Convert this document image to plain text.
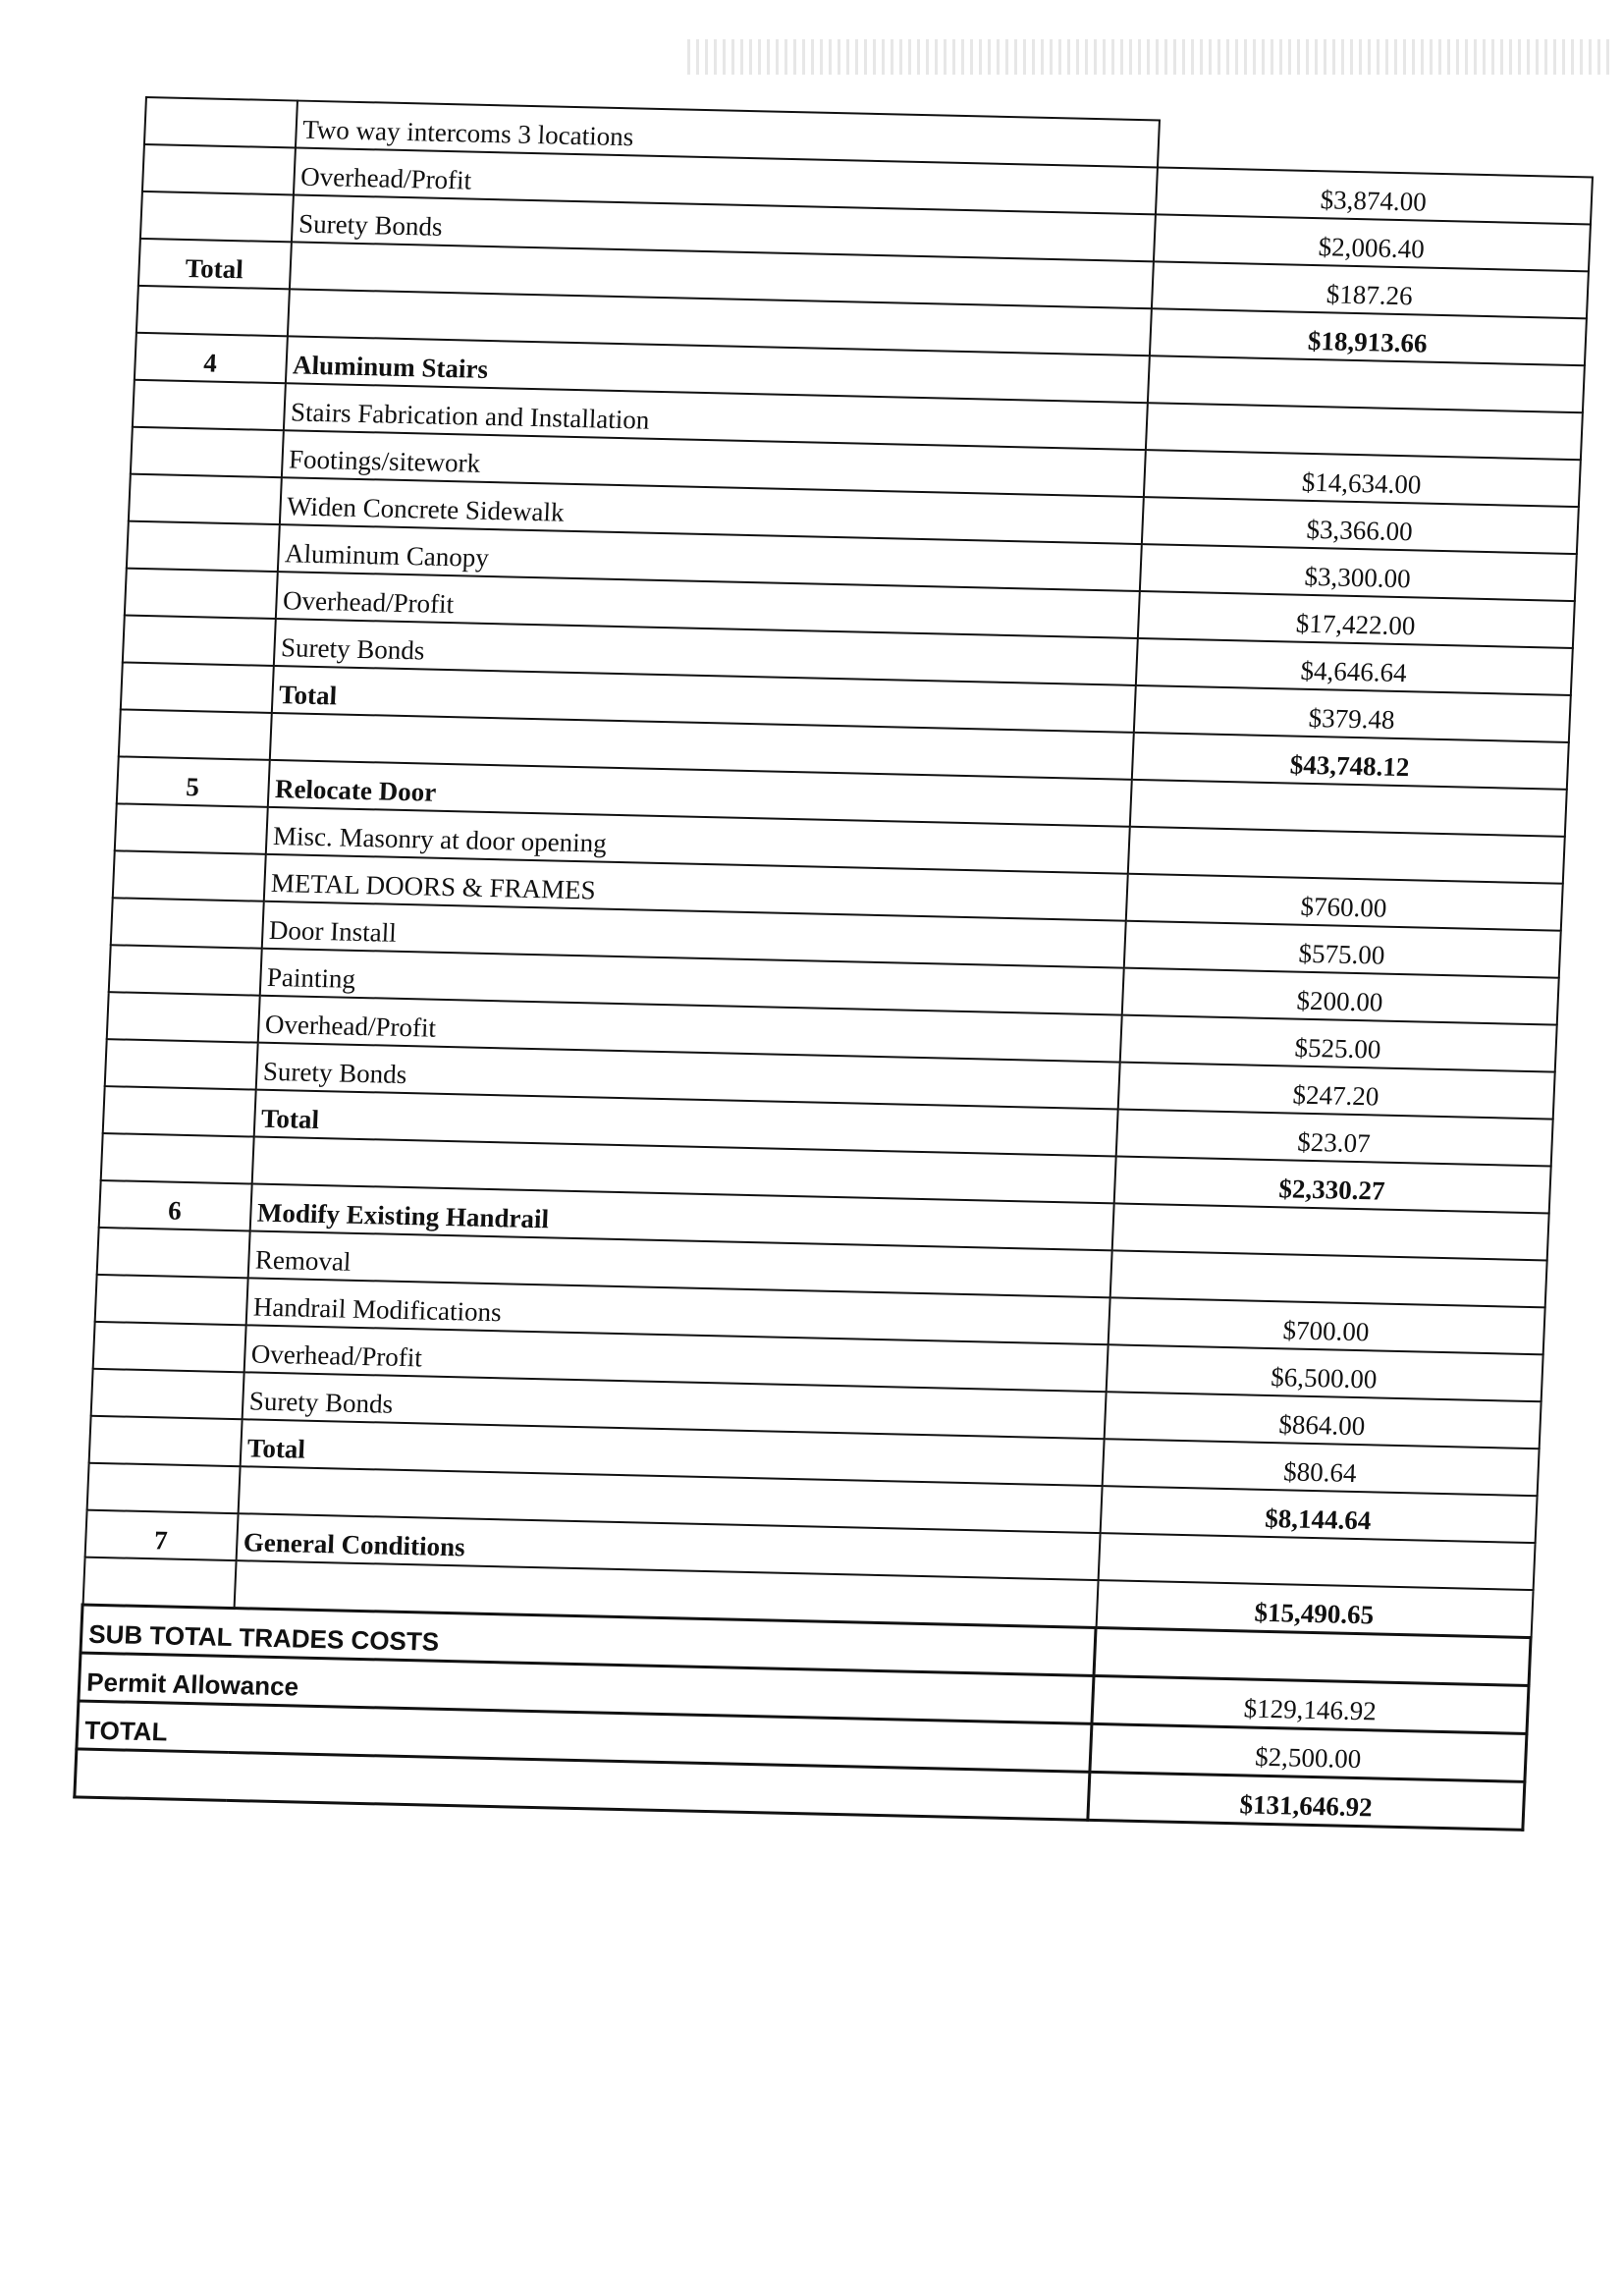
	Two way intercoms 3 locations	
	Overhead/Profit	$3,874.00
	Surety Bonds	$2,006.40
Total		$187.26
		$18,913.66
4	Aluminum Stairs	
	Stairs Fabrication and Installation	
	Footings/sitework	$14,634.00
	Widen Concrete Sidewalk	$3,366.00
	Aluminum Canopy	$3,300.00
	Overhead/Profit	$17,422.00
	Surety Bonds	$4,646.64
	Total	$379.48
		$43,748.12
5	Relocate Door	
	Misc. Masonry at door opening	
	METAL DOORS & FRAMES	$760.00
	Door Install	$575.00
	Painting	$200.00
	Overhead/Profit	$525.00
	Surety Bonds	$247.20
	Total	$23.07
		$2,330.27
6	Modify Existing Handrail	
	Removal	
	Handrail Modifications	$700.00
	Overhead/Profit	$6,500.00
	Surety Bonds	$864.00
	Total	$80.64
		$8,144.64
7	General Conditions	
		$15,490.65
SUB TOTAL TRADES COSTS		
Permit Allowance		$129,146.92
TOTAL		$2,500.00
		$131,646.92
